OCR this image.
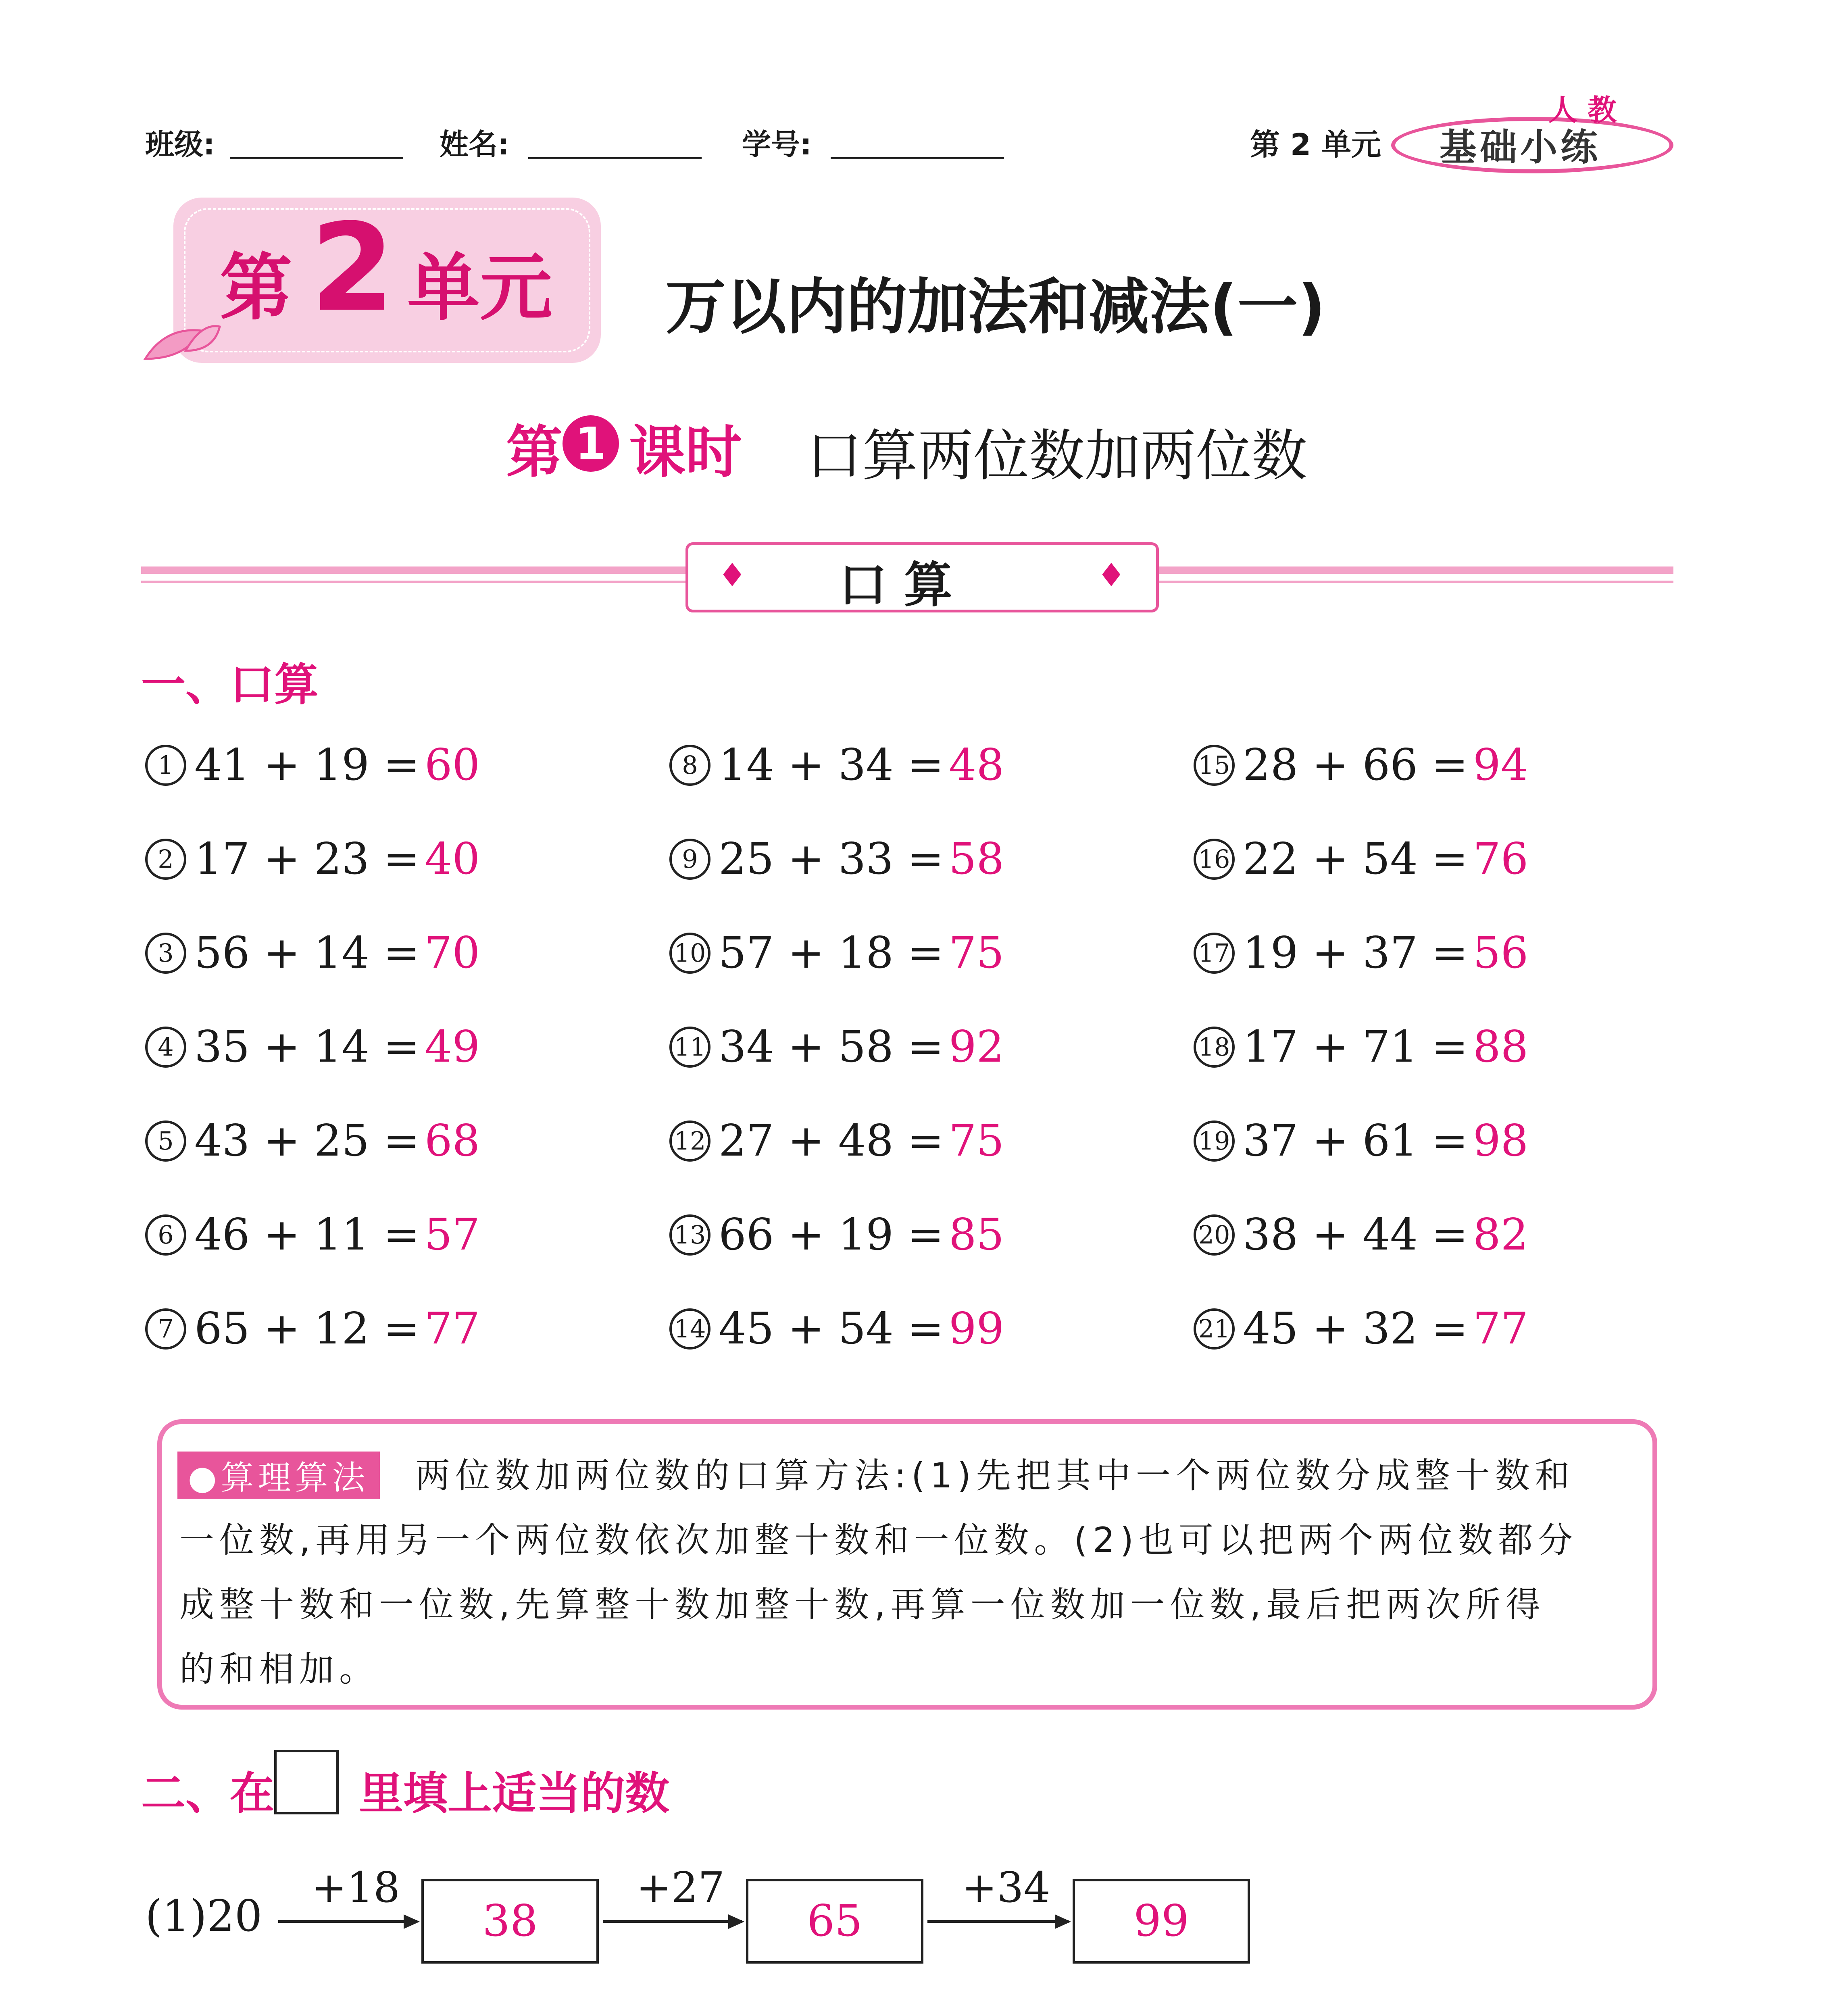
班级:	姓名:	学号:	第 2 单元
人 教
基础小练
第 2 单元 万以内的加法和减法(一)
第 1 课时 口算两位数加两位数
♦	♦
口 算
一、口算
1 41 + 19 = 60
2 17 + 23 = 40
3 56 + 14 = 70
4 35 + 14 = 49
5 43 + 25 = 68
6 46 + 11 = 57
7 65 + 12 = 77
8 14 + 34 = 48
9 25 + 33 = 58
10 57 + 18 = 75
11 34 + 58 = 92
12 27 + 48 = 75
13 66 + 19 = 85
14 45 + 54 = 99
15 28 + 66 = 94
16 22 + 54 = 76
17 19 + 37 = 56
18 17 + 71 = 88
19 37 + 61 = 98
20 38 + 44 = 82
21 45 + 32 = 77
●算理算法	两位数加两位数的口算方法:(1)先把其中一个两位数分成整十数和
一位数,再用另一个两位数依次加整十数和一位数。(2)也可以把两个两位数都分
成整十数和一位数,先算整十数加整十数,再算一位数加一位数,最后把两次所得
的和相加。
二、在 里填上适当的数
(1)20
+18
38
+27
65
+34
99
